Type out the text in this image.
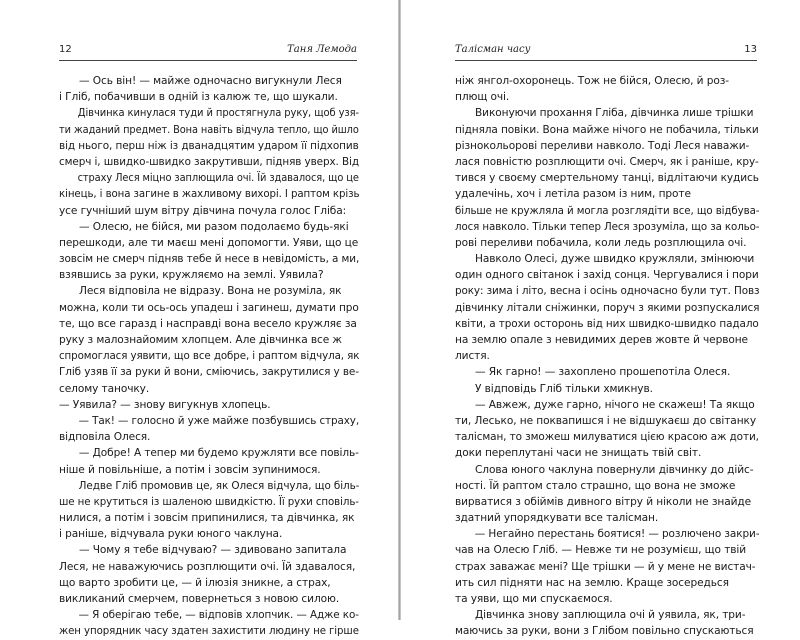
12	Таня Лемода
— Ось він! — майже одночасно вигукнули Леся
і Гліб, побачивши в одній із калюж те, що шукали.
Дівчинка кинулася туди й простягнула руку, щоб узя-
ти жаданий предмет. Вона навіть відчула тепло, що йшло
від нього, перш ніж із дванадцятим ударом її підхопив
смерч і, швидко-швидко закрутивши, підняв уверх. Від
страху Леся міцно заплющила очі. Їй здавалося, що це
кінець, і вона загине в жахливому вихорі. І раптом крізь
усе гучніший шум вітру дівчина почула голос Гліба:
— Олесю, не бійся, ми разом подолаємо будь-які
перешкоди, але ти маєш мені допомогти. Уяви, що це
зовсім не смерч підняв тебе й несе в невідомість, а ми,
взявшись за руки, кружляємо на землі. Уявила?
Леся відповіла не відразу. Вона не розуміла, як
можна, коли ти ось-ось упадеш і загинеш, думати про
те, що все гаразд і насправді вона весело кружляє за
руку з малознайомим хлопцем. Але дівчинка все ж
спромоглася уявити, що все добре, і раптом відчула, як
Гліб узяв її за руки й вони, сміючись, закрутилися у ве-
селому таночку.
— Уявила? — знову вигукнув хлопець.
— Так! — голосно й уже майже позбувшись страху,
відповіла Олеся.
— Добре! А тепер ми будемо кружляти все повіль-
ніше й повільніше, а потім і зовсім зупинимося.
Ледве Гліб промовив це, як Олеся відчула, що біль-
ше не крутиться із шаленою швидкістю. Її рухи сповіль-
нилися, а потім і зовсім припинилися, та дівчинка, як
і раніше, відчувала руки юного чаклуна.
— Чому я тебе відчуваю? — здивовано запитала
Леся, не наважуючись розплющити очі. Їй здавалося,
що варто зробити це, — й ілюзія зникне, а страх,
викликаний смерчем, повернеться з новою силою.
— Я оберігаю тебе, — відповів хлопчик. — Адже ко-
жен упорядник часу здатен захистити людину не гірше
Талісман часу	13
ніж янгол-охоронець. Тож не бійся, Олесю, й роз-
плющ очі.
Виконуючи прохання Гліба, дівчинка лише трішки
підняла повіки. Вона майже нічого не побачила, тільки
різнокольорові переливи навколо. Тоді Леся наважи-
лася повністю розплющити очі. Смерч, як і раніше, кру-
тився у своєму смертельному танці, відлітаючи кудись
удалечінь, хоч і летіла разом із ним, проте
більше не кружляла й могла розглядіти все, що відбува-
лося навколо. Тільки тепер Леся зрозуміла, що за кольо-
рові переливи побачила, коли ледь розплющила очі.
Навколо Олесі, дуже швидко кружляли, змінюючи
один одного світанок і захід сонця. Чергувалися і пори
року: зима і літо, весна і осінь одночасно були тут. Повз
дівчинку літали сніжинки, поруч з якими розпускалися
квіти, а трохи осторонь від них швидко-швидко падало
на землю опале з невидимих дерев жовте й червоне
листя.
— Як гарно! — захоплено прошепотіла Олеся.
У відповідь Гліб тільки хмикнув.
— Авжеж, дуже гарно, нічого не скажеш! Та якщо
ти, Лесько, не поквапишся і не відшукаєш до світанку
талісман, то зможеш милуватися цією красою аж доти,
доки переплутані часи не знищать твій світ.
Слова юного чаклуна повернули дівчинку до дійс-
ності. Їй раптом стало страшно, що вона не зможе
вирватися з обіймів дивного вітру й ніколи не знайде
здатний упорядкувати все талісман.
— Негайно перестань боятися! — розлючено закри-
чав на Олесю Гліб. — Невже ти не розумієш, що твій
страх заважає мені? Ще трішки — й у мене не вистач-
ить сил підняти нас на землю. Краще зосередься
та уяви, що ми спускаємося.
Дівчинка знову заплющила очі й уявила, як, три-
маючись за руки, вони з Глібом повільно спускаються
